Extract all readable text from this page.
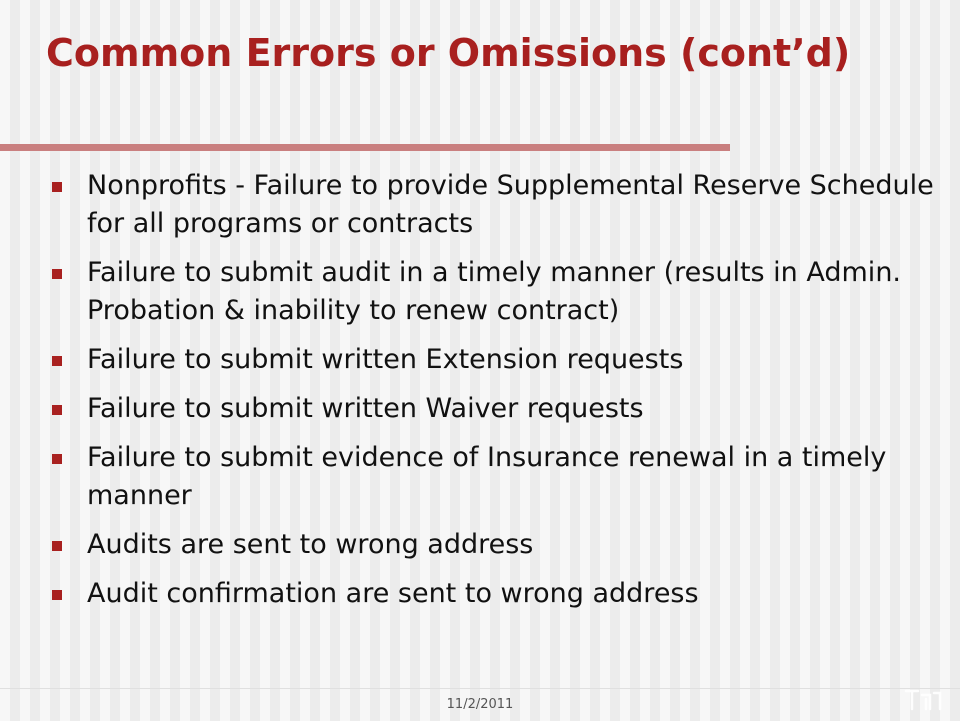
Common Errors or Omissions (cont’d)
Nonprofits - Failure to provide Supplemental Reserve Schedule for all programs or contracts
Failure to submit audit in a timely manner (results in Admin. Probation & inability to renew contract)
Failure to submit written Extension requests
Failure to submit written Waiver requests
Failure to submit evidence of Insurance renewal in a timely manner
Audits are sent to wrong address
Audit confirmation are sent to wrong address
11/2/2011
